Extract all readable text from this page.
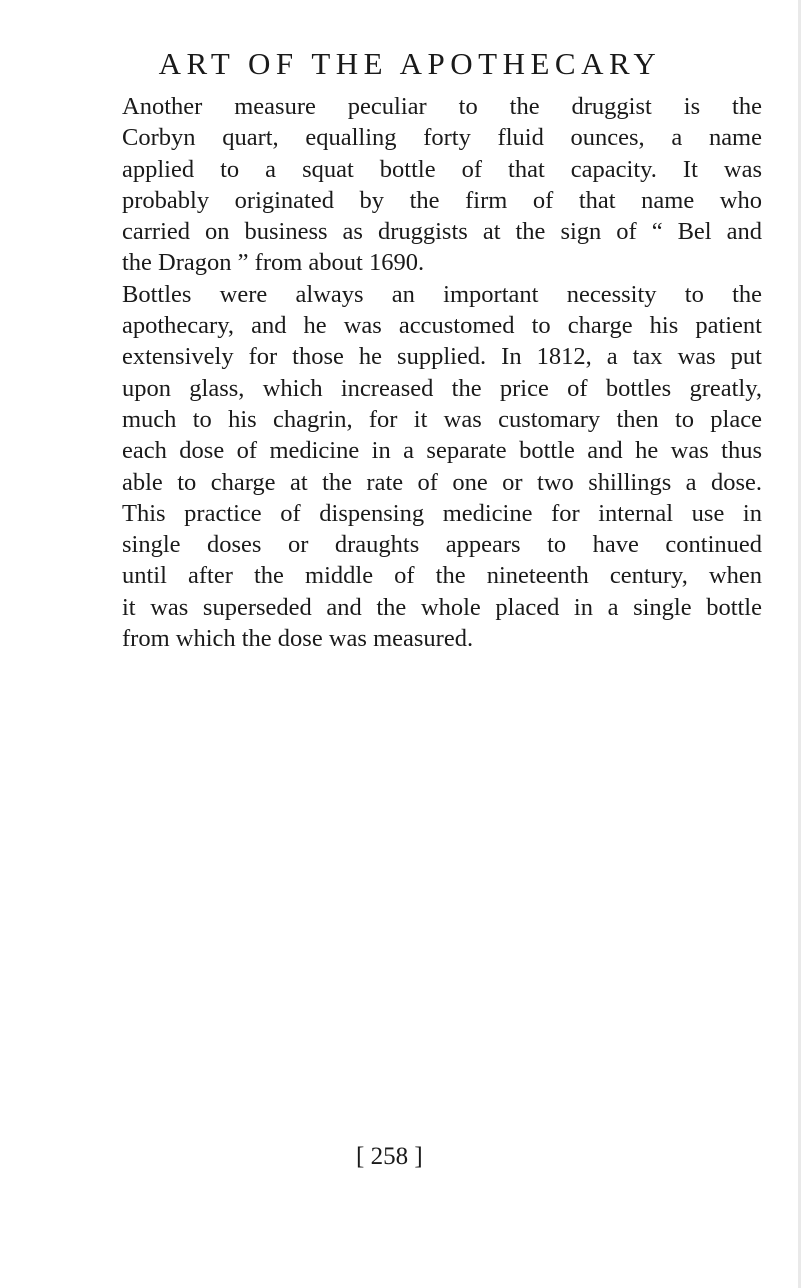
ART OF THE APOTHECARY
Another measure peculiar to the druggist is the
Corbyn quart, equalling forty fluid ounces, a name
applied to a squat bottle of that capacity. It was
probably originated by the firm of that name who
carried on business as druggists at the sign of “ Bel and
the Dragon ” from about 1690.
Bottles were always an important necessity to the
apothecary, and he was accustomed to charge his patient
extensively for those he supplied. In 1812, a tax was put
upon glass, which increased the price of bottles greatly,
much to his chagrin, for it was customary then to place
each dose of medicine in a separate bottle and he was thus
able to charge at the rate of one or two shillings a dose.
This practice of dispensing medicine for internal use in
single doses or draughts appears to have continued
until after the middle of the nineteenth century, when
it was superseded and the whole placed in a single bottle
from which the dose was measured.
[ 258 ]
